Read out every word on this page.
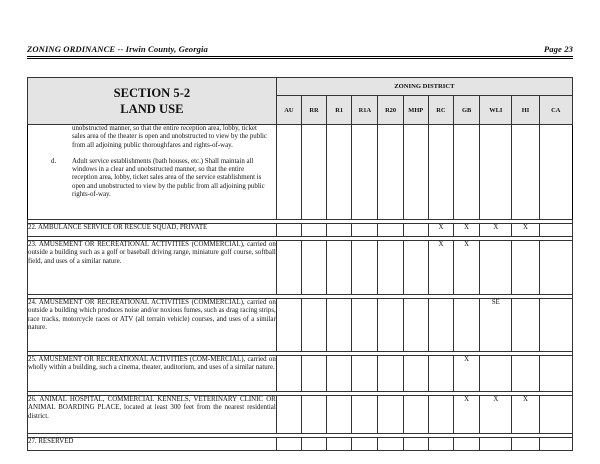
ZONING ORDINANCE -- Irwin County, Georgia	Page 23
SECTION 5-2
LAND USE	ZONING DISTRICT										
	AU	RR	R1	R1A	R20	MHP	RC	GB	WLI	HI	CA

unobstructed manner, so that the entire reception area, lobby, ticket sales area of the theater is open and unobstructed to view by the public from all adjoining public thoroughfares and rights-of-way.
d. Adult service establishments (bath houses, etc.) Shall maintain all windows in a clear and unobstructed manner, so that the entire reception area, lobby, ticket sales area of the service establishment is open and unobstructed to view by the public from all adjoining public rights-of-way.											

22. AMBULANCE SERVICE OR RESCUE SQUAD, PRIVATE							X	X	X	X	

23. AMUSEMENT OR RECREATIONAL ACTIVITIES (COMMERCIAL), carried on outside a building such as a golf or baseball driving range, miniature golf course, softball field, and uses of a similar nature.							X	X			

24. AMUSEMENT OR RECREATIONAL ACTIVITIES (COMMERCIAL), carried on outside a building which produces noise and/or noxious fumes, such as drag racing strips, race tracks, motorcycle races or ATV (all terrain vehicle) courses, and uses of a similar nature.									SE		

25. AMUSEMENT OR RECREATIONAL ACTIVITIES (COM-MERCIAL), carried on wholly within a building, such a cinema, theater, auditorium, and uses of a similar nature.								X			

26. ANIMAL HOSPITAL, COMMERCIAL KENNELS, VETERINARY CLINIC OR ANIMAL BOARDING PLACE, located at least 300 feet from the nearest residential district.								X	X	X	

27. RESERVED											
